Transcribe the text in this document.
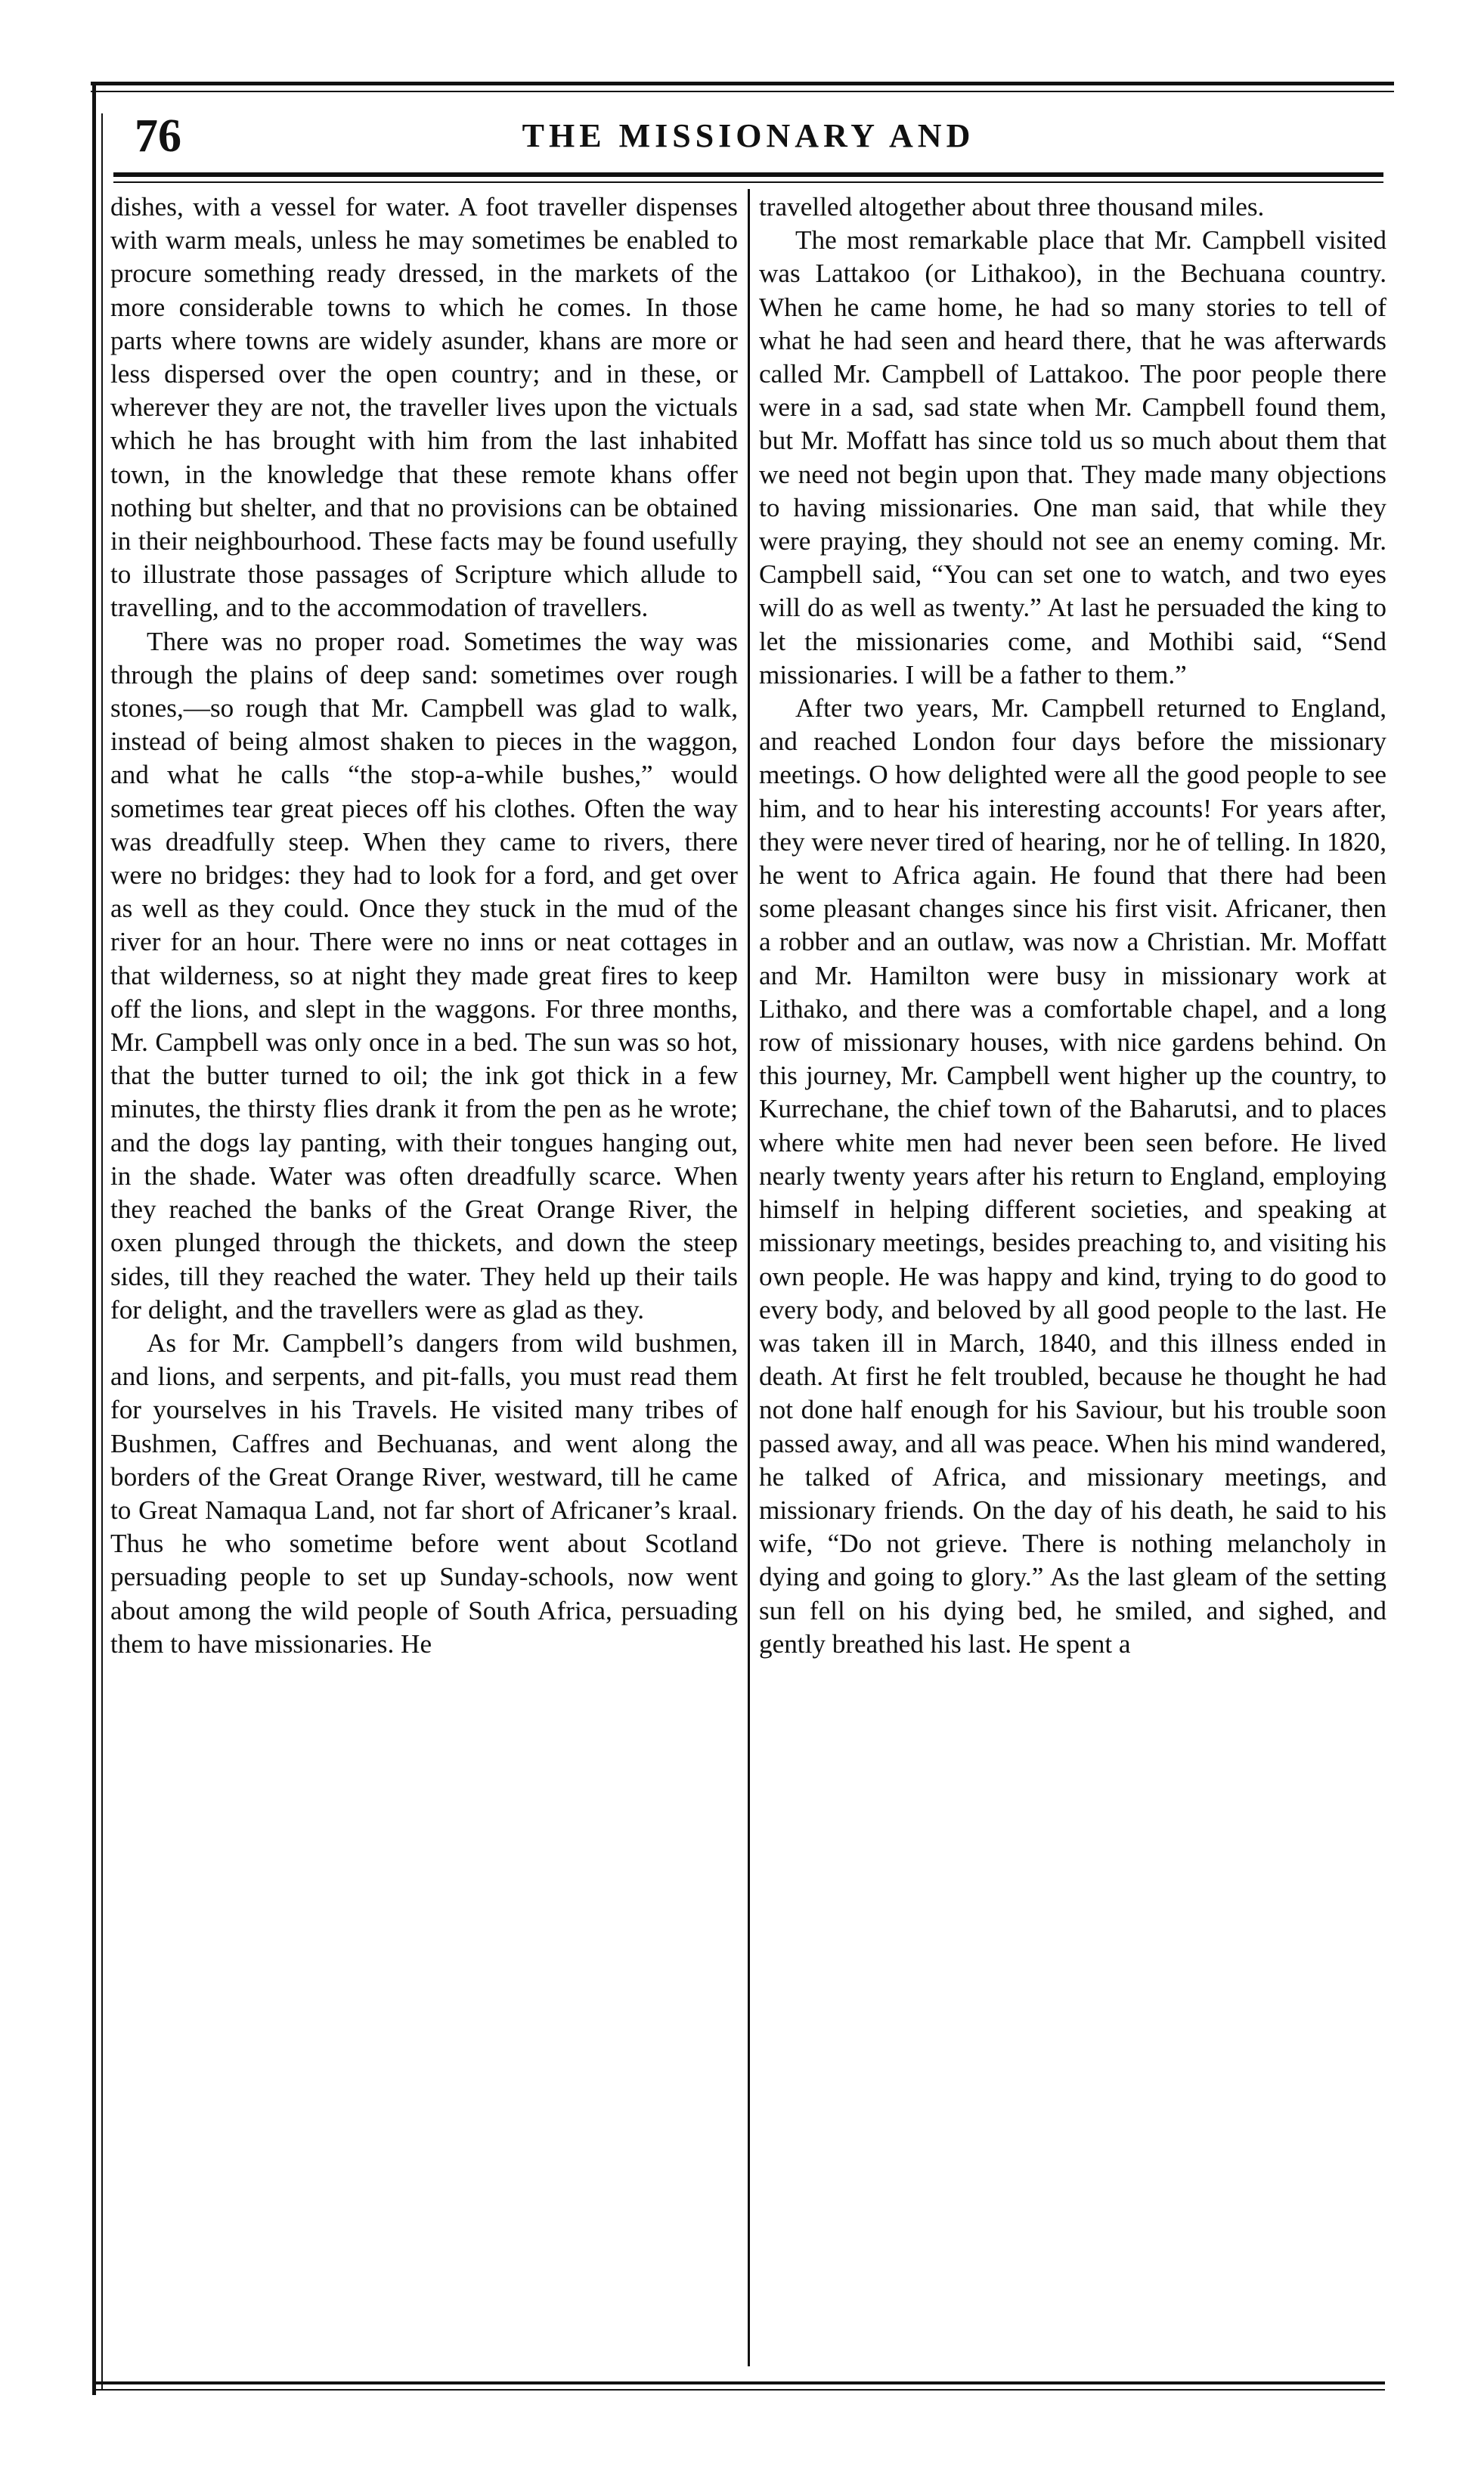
76	THE MISSIONARY AND

dishes, with a vessel for water. A foot traveller dispenses with warm meals, unless he may sometimes be enabled to procure something ready dressed, in the markets of the more considerable towns to which he comes. In those parts where towns are widely asunder, khans are more or less dispersed over the open country; and in these, or wherever they are not, the traveller lives upon the victuals which he has brought with him from the last inhabited town, in the knowledge that these remote khans offer nothing but shelter, and that no provisions can be obtained in their neighbourhood. These facts may be found usefully to illustrate those passages of Scripture which allude to travelling, and to the accommodation of travellers.

There was no proper road. Sometimes the way was through the plains of deep sand: sometimes over rough stones,—so rough that Mr. Campbell was glad to walk, instead of being almost shaken to pieces in the waggon, and what he calls “the stop-a-while bushes,” would sometimes tear great pieces off his clothes. Often the way was dreadfully steep. When they came to rivers, there were no bridges: they had to look for a ford, and get over as well as they could. Once they stuck in the mud of the river for an hour. There were no inns or neat cottages in that wilderness, so at night they made great fires to keep off the lions, and slept in the waggons. For three months, Mr. Campbell was only once in a bed. The sun was so hot, that the butter turned to oil; the ink got thick in a few minutes, the thirsty flies drank it from the pen as he wrote; and the dogs lay panting, with their tongues hanging out, in the shade. Water was often dreadfully scarce. When they reached the banks of the Great Orange River, the oxen plunged through the thickets, and down the steep sides, till they reached the water. They held up their tails for delight, and the travellers were as glad as they.

As for Mr. Campbell’s dangers from wild bushmen, and lions, and serpents, and pit-falls, you must read them for yourselves in his Travels. He visited many tribes of Bushmen, Caffres and Bechuanas, and went along the borders of the Great Orange River, westward, till he came to Great Namaqua Land, not far short of Africaner’s kraal. Thus he who sometime before went about Scotland persuading people to set up Sunday-schools, now went about among the wild people of South Africa, persuading them to have missionaries. He

travelled altogether about three thousand miles.

The most remarkable place that Mr. Campbell visited was Lattakoo (or Lithakoo), in the Bechuana country. When he came home, he had so many stories to tell of what he had seen and heard there, that he was afterwards called Mr. Campbell of Lattakoo. The poor people there were in a sad, sad state when Mr. Campbell found them, but Mr. Moffatt has since told us so much about them that we need not begin upon that. They made many objections to having missionaries. One man said, that while they were praying, they should not see an enemy coming. Mr. Campbell said, “You can set one to watch, and two eyes will do as well as twenty.” At last he persuaded the king to let the missionaries come, and Mothibi said, “Send missionaries. I will be a father to them.”

After two years, Mr. Campbell returned to England, and reached London four days before the missionary meetings. O how delighted were all the good people to see him, and to hear his interesting accounts! For years after, they were never tired of hearing, nor he of telling. In 1820, he went to Africa again. He found that there had been some pleasant changes since his first visit. Africaner, then a robber and an outlaw, was now a Christian. Mr. Moffatt and Mr. Hamilton were busy in missionary work at Lithako, and there was a comfortable chapel, and a long row of missionary houses, with nice gardens behind. On this journey, Mr. Campbell went higher up the country, to Kurrechane, the chief town of the Baharutsi, and to places where white men had never been seen before. He lived nearly twenty years after his return to England, employing himself in helping different societies, and speaking at missionary meetings, besides preaching to, and visiting his own people. He was happy and kind, trying to do good to every body, and beloved by all good people to the last. He was taken ill in March, 1840, and this illness ended in death. At first he felt troubled, because he thought he had not done half enough for his Saviour, but his trouble soon passed away, and all was peace. When his mind wandered, he talked of Africa, and missionary meetings, and missionary friends. On the day of his death, he said to his wife, “Do not grieve. There is nothing melancholy in dying and going to glory.” As the last gleam of the setting sun fell on his dying bed, he smiled, and sighed, and gently breathed his last. He spent a
